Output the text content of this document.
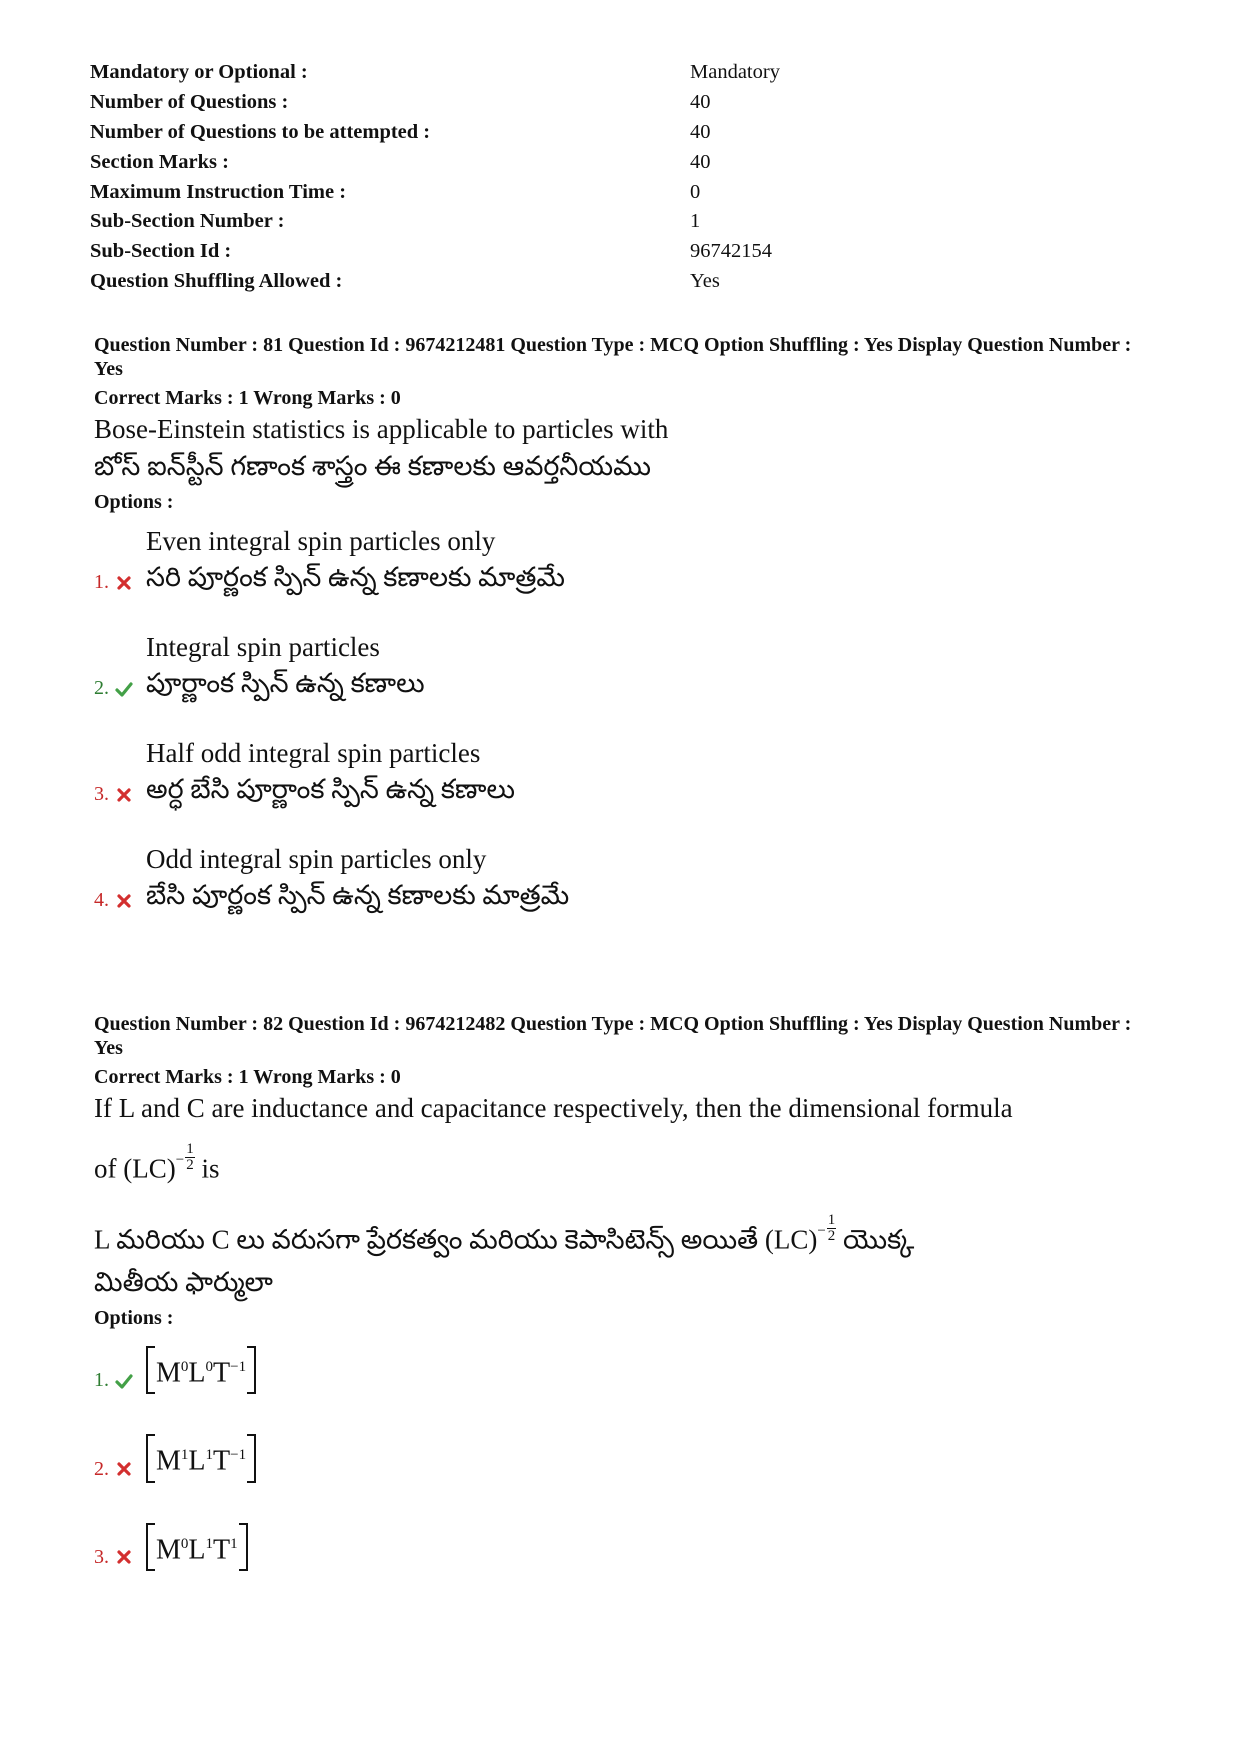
Mandatory or Optional :	Mandatory
Number of Questions :	40
Number of Questions to be attempted :	40
Section Marks :	40
Maximum Instruction Time :	0
Sub-Section Number :	1
Sub-Section Id :	96742154
Question Shuffling Allowed :	Yes
Question Number : 81 Question Id : 9674212481 Question Type : MCQ Option Shuffling : Yes Display Question Number : Yes
Correct Marks : 1 Wrong Marks : 0
Bose-Einstein statistics is applicable to particles with
బోస్ ఐన్‌స్టీన్ గణాంక శాస్త్రం ఈ కణాలకు ఆవర్తనీయము
Options :
1.
Even integral spin particles only
సరి పూర్ణంక స్పిన్ ఉన్న కణాలకు మాత్రమే
2.
Integral spin particles
పూర్ణాంక స్పిన్ ఉన్న కణాలు
3.
Half odd integral spin particles
అర్ధ బేసి పూర్ణాంక స్పిన్ ఉన్న కణాలు
4.
Odd integral spin particles only
బేసి పూర్ణంక స్పిన్ ఉన్న కణాలకు మాత్రమే
Question Number : 82 Question Id : 9674212482 Question Type : MCQ Option Shuffling : Yes Display Question Number : Yes
Correct Marks : 1 Wrong Marks : 0
If L and C are inductance and capacitance respectively, then the dimensional formula
of $(LC)^- \frac{1}{2}$ is
L మరియు C లు వరుసగా ప్రేరకత్వం మరియు కెపాసిటెన్స్ అయితే $(LC)^- \frac{1}{2}$ యొక్క
మితీయ ఫార్ములా
Options :
1.	$M^0L^0T^{-1}$
2.	$M^1L^1T^{-1}$
3.	$M^0L^1T^1$
